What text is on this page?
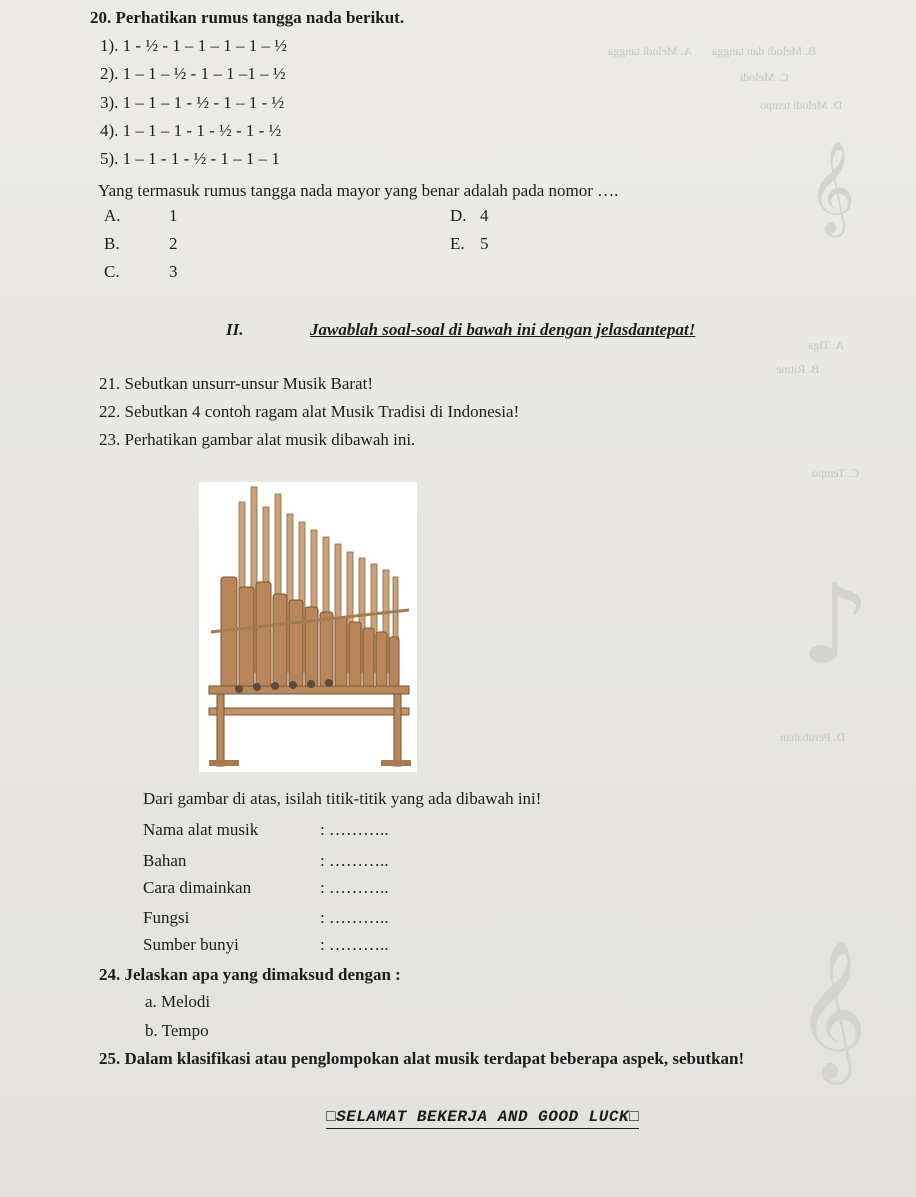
A. Melodi tangga B. Melodi dan tangga
C. Melodi
D. Melodi tempo
A. Tiga
B. Ritme
C. Tempo
D. Perubahan
𝄞
♪
𝄞
20. Perhatikan rumus tangga nada berikut.
1). 1 - ½ - 1 – 1 – 1 – 1 – ½
2). 1 – 1 – ½ - 1 – 1 –1 – ½
3). 1 – 1 – 1 - ½ - 1 – 1 - ½
4). 1 – 1 – 1 - 1 - ½ - 1 - ½
5). 1 – 1 - 1 - ½ - 1 – 1 – 1
Yang termasuk rumus tangga nada mayor yang benar adalah pada nomor ….
A.	1
B.	2
C.	3
D. 4
E. 5
II.	Jawablah soal-soal di bawah ini dengan jelasdantepat!
21. Sebutkan unsurr-unsur Musik Barat!
22. Sebutkan 4 contoh ragam alat Musik Tradisi di Indonesia!
23. Perhatikan gambar alat musik dibawah ini.
Dari gambar di atas, isilah titik-titik yang ada dibawah ini!
Nama alat musik	: ………..
Bahan	: ………..
Cara dimainkan	: ………..
Fungsi	: ………..
Sumber bunyi	: ………..
24. Jelaskan apa yang dimaksud dengan :
a. Melodi
b. Tempo
25. Dalam klasifikasi atau penglompokan alat musik terdapat beberapa aspek, sebutkan!
□SELAMAT BEKERJA AND GOOD LUCK□
